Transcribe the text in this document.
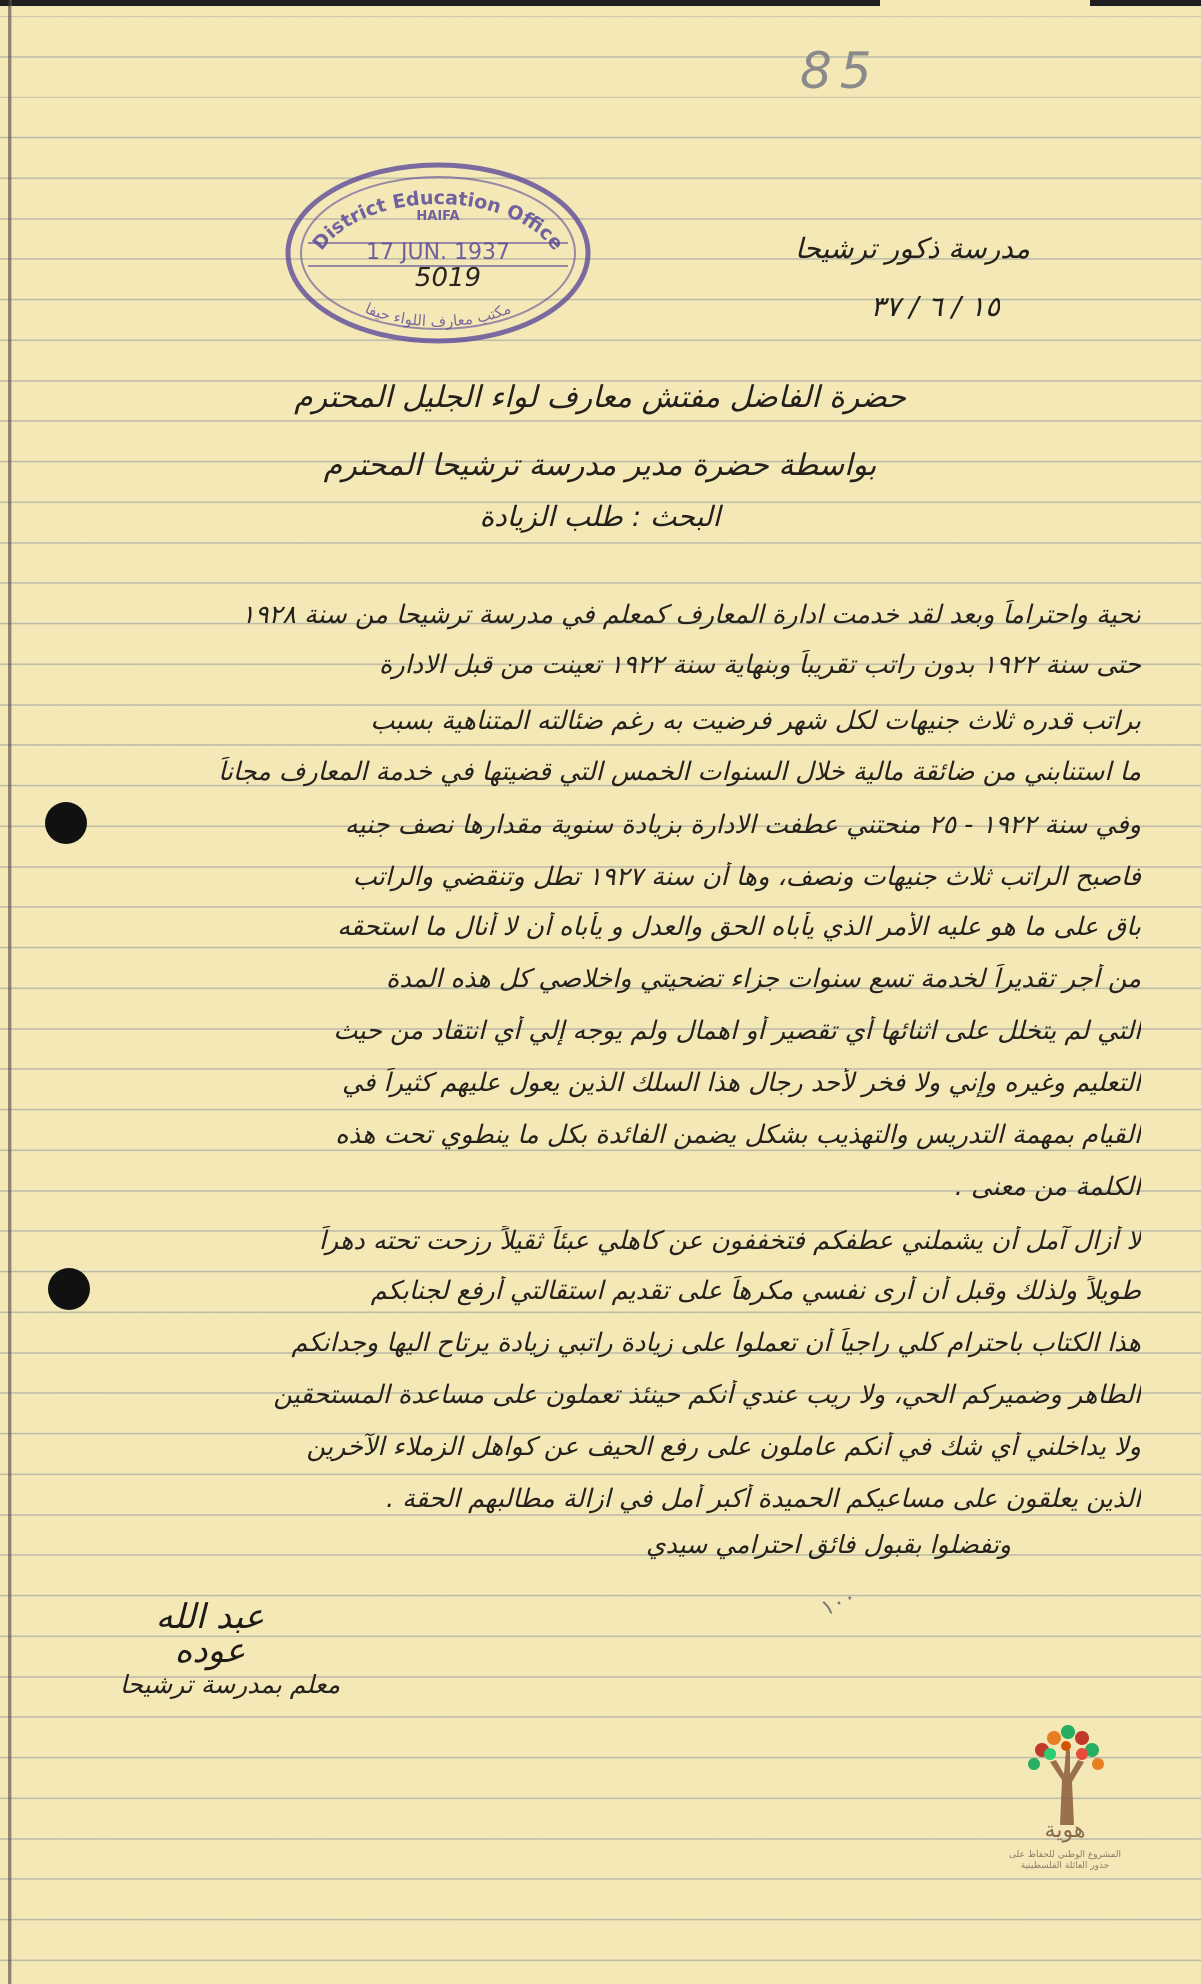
85
District Education Office
HAIFA
17 JUN. 1937
5019
مكتب معارف اللواء حيفا
مدرسة ذكور ترشيحا
١٥ / ٦ / ٣٧
حضرة الفاضل مفتش معارف لواء الجليل المحترم
بواسطة حضرة مدير مدرسة ترشيحا المحترم
البحث : طلب الزيادة
تحية واحتراماً وبعد لقد خدمت ادارة المعارف كمعلم في مدرسة ترشيحا من سنة ١٩٢٨
حتى سنة ١٩٢٢ بدون راتب تقريباً وبنهاية سنة ١٩٢٢ تعينت من قبل الادارة
براتب قدره ثلاث جنيهات لكل شهر فرضيت به رغم ضئالته المتناهية بسبب
ما استنابني من ضائقة مالية خلال السنوات الخمس التي قضيتها في خدمة المعارف مجاناً
وفي سنة ١٩٢٢ - ٢٥ منحتني عطفت الادارة بزيادة سنوية مقدارها نصف جنيه
فاصبح الراتب ثلاث جنيهات ونصف، وها أن سنة ١٩٢٧ تطل وتنقضي والراتب
باق على ما هو عليه الأمر الذي يأباه الحق والعدل و يأباه أن لا أنال ما استحقه
من أجر تقديراً لخدمة تسع سنوات جزاء تضحيتي واخلاصي كل هذه المدة
التي لم يتخلل على اثنائها أي تقصير أو اهمال ولم يوجه إلي أي انتقاد من حيث
التعليم وغيره وإني ولا فخر لأحد رجال هذا السلك الذين يعول عليهم كثيراً في
القيام بمهمة التدريس والتهذيب بشكل يضمن الفائدة بكل ما ينطوي تحت هذه
الكلمة من معنى .
لا أزال آمل أن يشملني عطفكم فتخففون عن كاهلي عبئاً ثقيلاً رزحت تحته دهراً
طويلاً ولذلك وقبل أن أرى نفسي مكرهاً على تقديم استقالتي أرفع لجنابكم
هذا الكتاب باحترام كلي راجياً أن تعملوا على زيادة راتبي زيادة يرتاح اليها وجدانكم
الطاهر وضميركم الحي، ولا ريب عندي أنكم حينئذ تعملون على مساعدة المستحقين
ولا يداخلني أي شك في أنكم عاملون على رفع الحيف عن كواهل الزملاء الآخرين
الذين يعلقون على مساعيكم الحميدة أكبر أمل في ازالة مطالبهم الحقة .
وتفضلوا بقبول فائق احترامي سيدي
١٠٠
عبد الله
عوده
معلم بمدرسة ترشيحا
هوية
المشروع الوطني للحفاظ على جذور العائلة الفلسطينية
